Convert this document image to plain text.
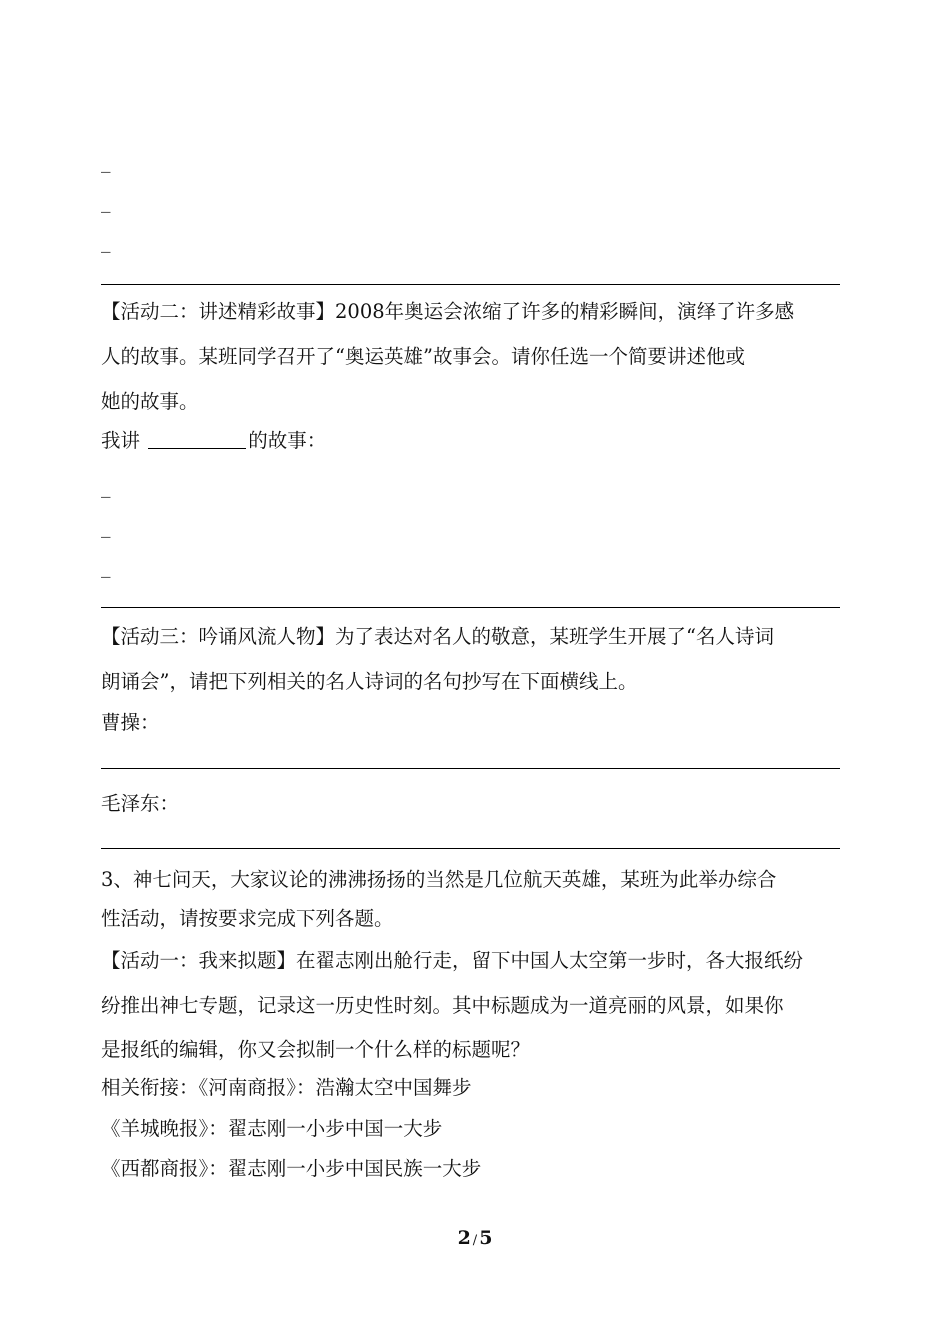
_
_
_
【活动二：讲述精彩故事】2008年奥运会浓缩了许多的精彩瞬间，演绎了许多感
人的故事。某班同学召开了“奥运英雄”故事会。请你任选一个简要讲述他或
她的故事。
我讲	的故事：
_
_
_
【活动三：吟诵风流人物】为了表达对名人的敬意，某班学生开展了“名人诗词
朗诵会”，请把下列相关的名人诗词的名句抄写在下面横线上。
曹操：
毛泽东：
3、神七问天，大家议论的沸沸扬扬的当然是几位航天英雄，某班为此举办综合
性活动，请按要求完成下列各题。
【活动一：我来拟题】在翟志刚出舱行走，留下中国人太空第一步时，各大报纸纷
纷推出神七专题，记录这一历史性时刻。其中标题成为一道亮丽的风景，如果你
是报纸的编辑，你又会拟制一个什么样的标题呢？
相关衔接：《河南商报》：浩瀚太空中国舞步
《羊城晚报》：翟志刚一小步中国一大步
《西都商报》：翟志刚一小步中国民族一大步
2 / 5
